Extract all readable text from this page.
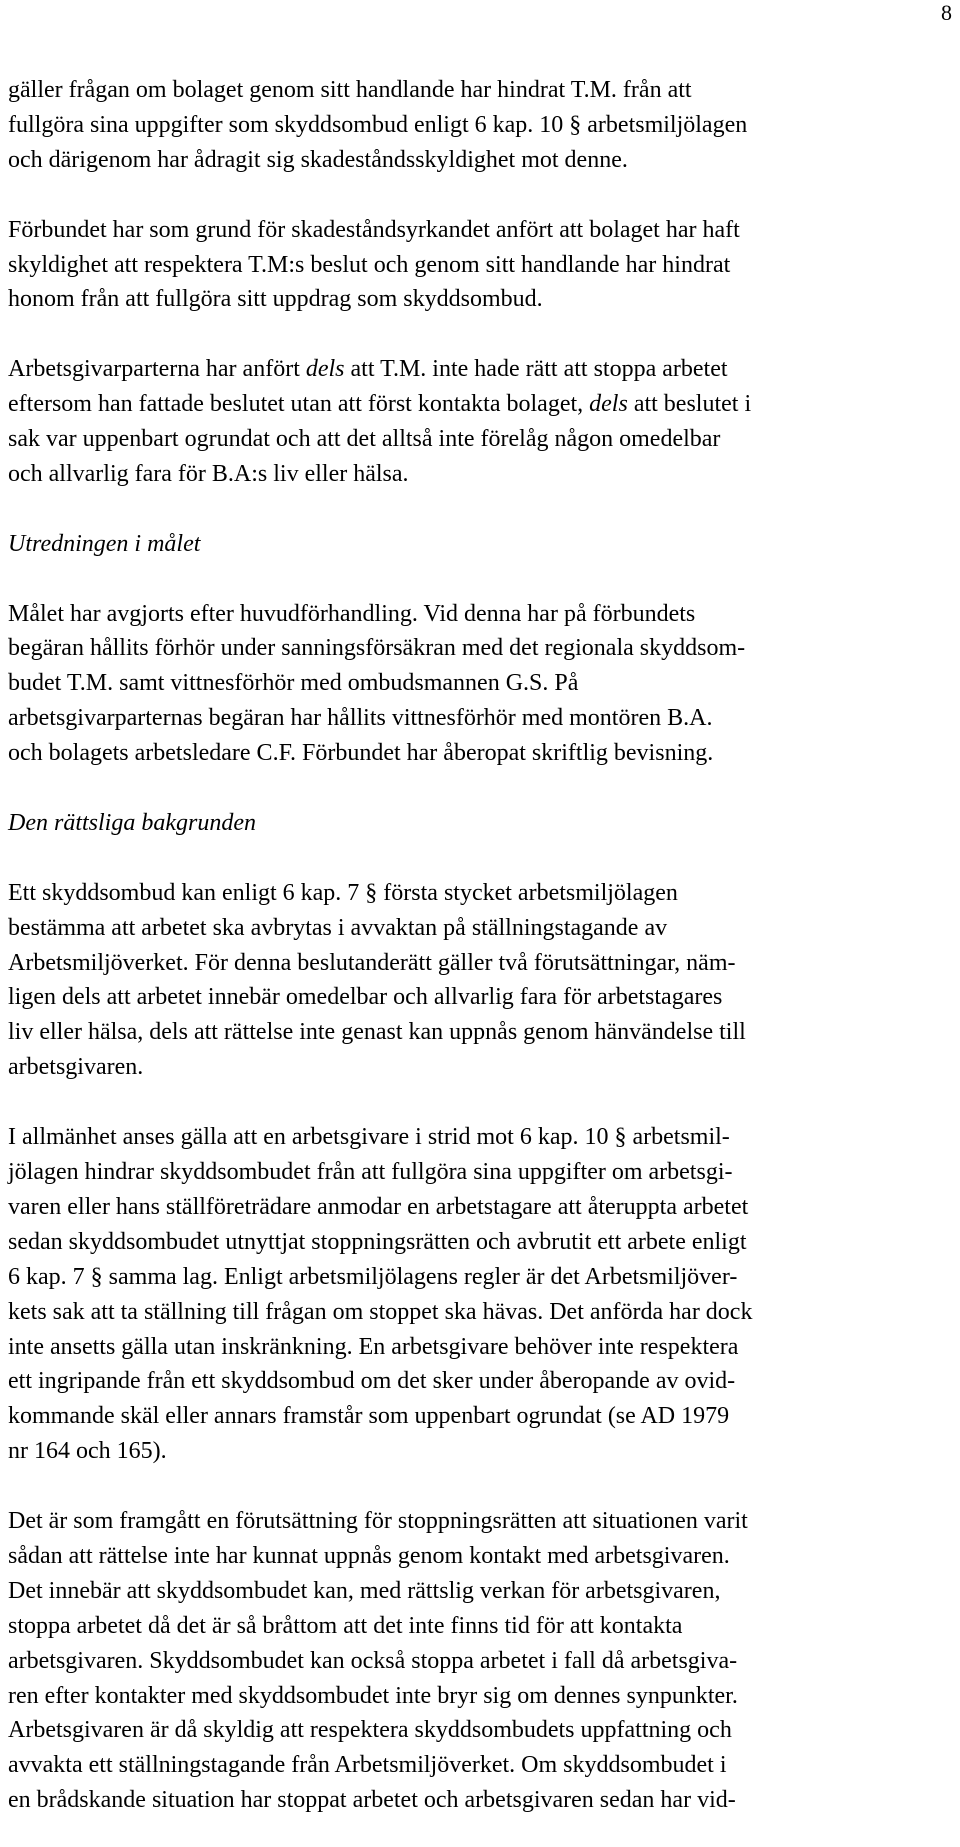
8
gäller frågan om bolaget genom sitt handlande har hindrat T.M. från att
fullgöra sina uppgifter som skyddsombud enligt 6 kap. 10 § arbetsmiljölagen
och därigenom har ådragit sig skadeståndsskyldighet mot denne.
Förbundet har som grund för skadeståndsyrkandet anfört att bolaget har haft
skyldighet att respektera T.M:s beslut och genom sitt handlande har hindrat
honom från att fullgöra sitt uppdrag som skyddsombud.
Arbetsgivarparterna har anfört dels att T.M. inte hade rätt att stoppa arbetet
eftersom han fattade beslutet utan att först kontakta bolaget, dels att beslutet i
sak var uppenbart ogrundat och att det alltså inte förelåg någon omedelbar
och allvarlig fara för B.A:s liv eller hälsa.
Utredningen i målet
Målet har avgjorts efter huvudförhandling. Vid denna har på förbundets
begäran hållits förhör under sanningsförsäkran med det regionala skyddsom-
budet T.M. samt vittnesförhör med ombudsmannen G.S. På
arbetsgivarparternas begäran har hållits vittnesförhör med montören B.A.
och bolagets arbetsledare C.F. Förbundet har åberopat skriftlig bevisning.
Den rättsliga bakgrunden
Ett skyddsombud kan enligt 6 kap. 7 § första stycket arbetsmiljölagen
bestämma att arbetet ska avbrytas i avvaktan på ställningstagande av
Arbetsmiljöverket. För denna beslutanderätt gäller två förutsättningar, näm-
ligen dels att arbetet innebär omedelbar och allvarlig fara för arbetstagares
liv eller hälsa, dels att rättelse inte genast kan uppnås genom hänvändelse till
arbetsgivaren.
I allmänhet anses gälla att en arbetsgivare i strid mot 6 kap. 10 § arbetsmil-
jölagen hindrar skyddsombudet från att fullgöra sina uppgifter om arbetsgi-
varen eller hans ställföreträdare anmodar en arbetstagare att återuppta arbetet
sedan skyddsombudet utnyttjat stoppningsrätten och avbrutit ett arbete enligt
6 kap. 7 § samma lag. Enligt arbetsmiljölagens regler är det Arbetsmiljöver-
kets sak att ta ställning till frågan om stoppet ska hävas. Det anförda har dock
inte ansetts gälla utan inskränkning. En arbetsgivare behöver inte respektera
ett ingripande från ett skyddsombud om det sker under åberopande av ovid-
kommande skäl eller annars framstår som uppenbart ogrundat (se AD 1979
nr 164 och 165).
Det är som framgått en förutsättning för stoppningsrätten att situationen varit
sådan att rättelse inte har kunnat uppnås genom kontakt med arbetsgivaren.
Det innebär att skyddsombudet kan, med rättslig verkan för arbetsgivaren,
stoppa arbetet då det är så bråttom att det inte finns tid för att kontakta
arbetsgivaren. Skyddsombudet kan också stoppa arbetet i fall då arbetsgiva-
ren efter kontakter med skyddsombudet inte bryr sig om dennes synpunkter.
Arbetsgivaren är då skyldig att respektera skyddsombudets uppfattning och
avvakta ett ställningstagande från Arbetsmiljöverket. Om skyddsombudet i
en brådskande situation har stoppat arbetet och arbetsgivaren sedan har vid-
